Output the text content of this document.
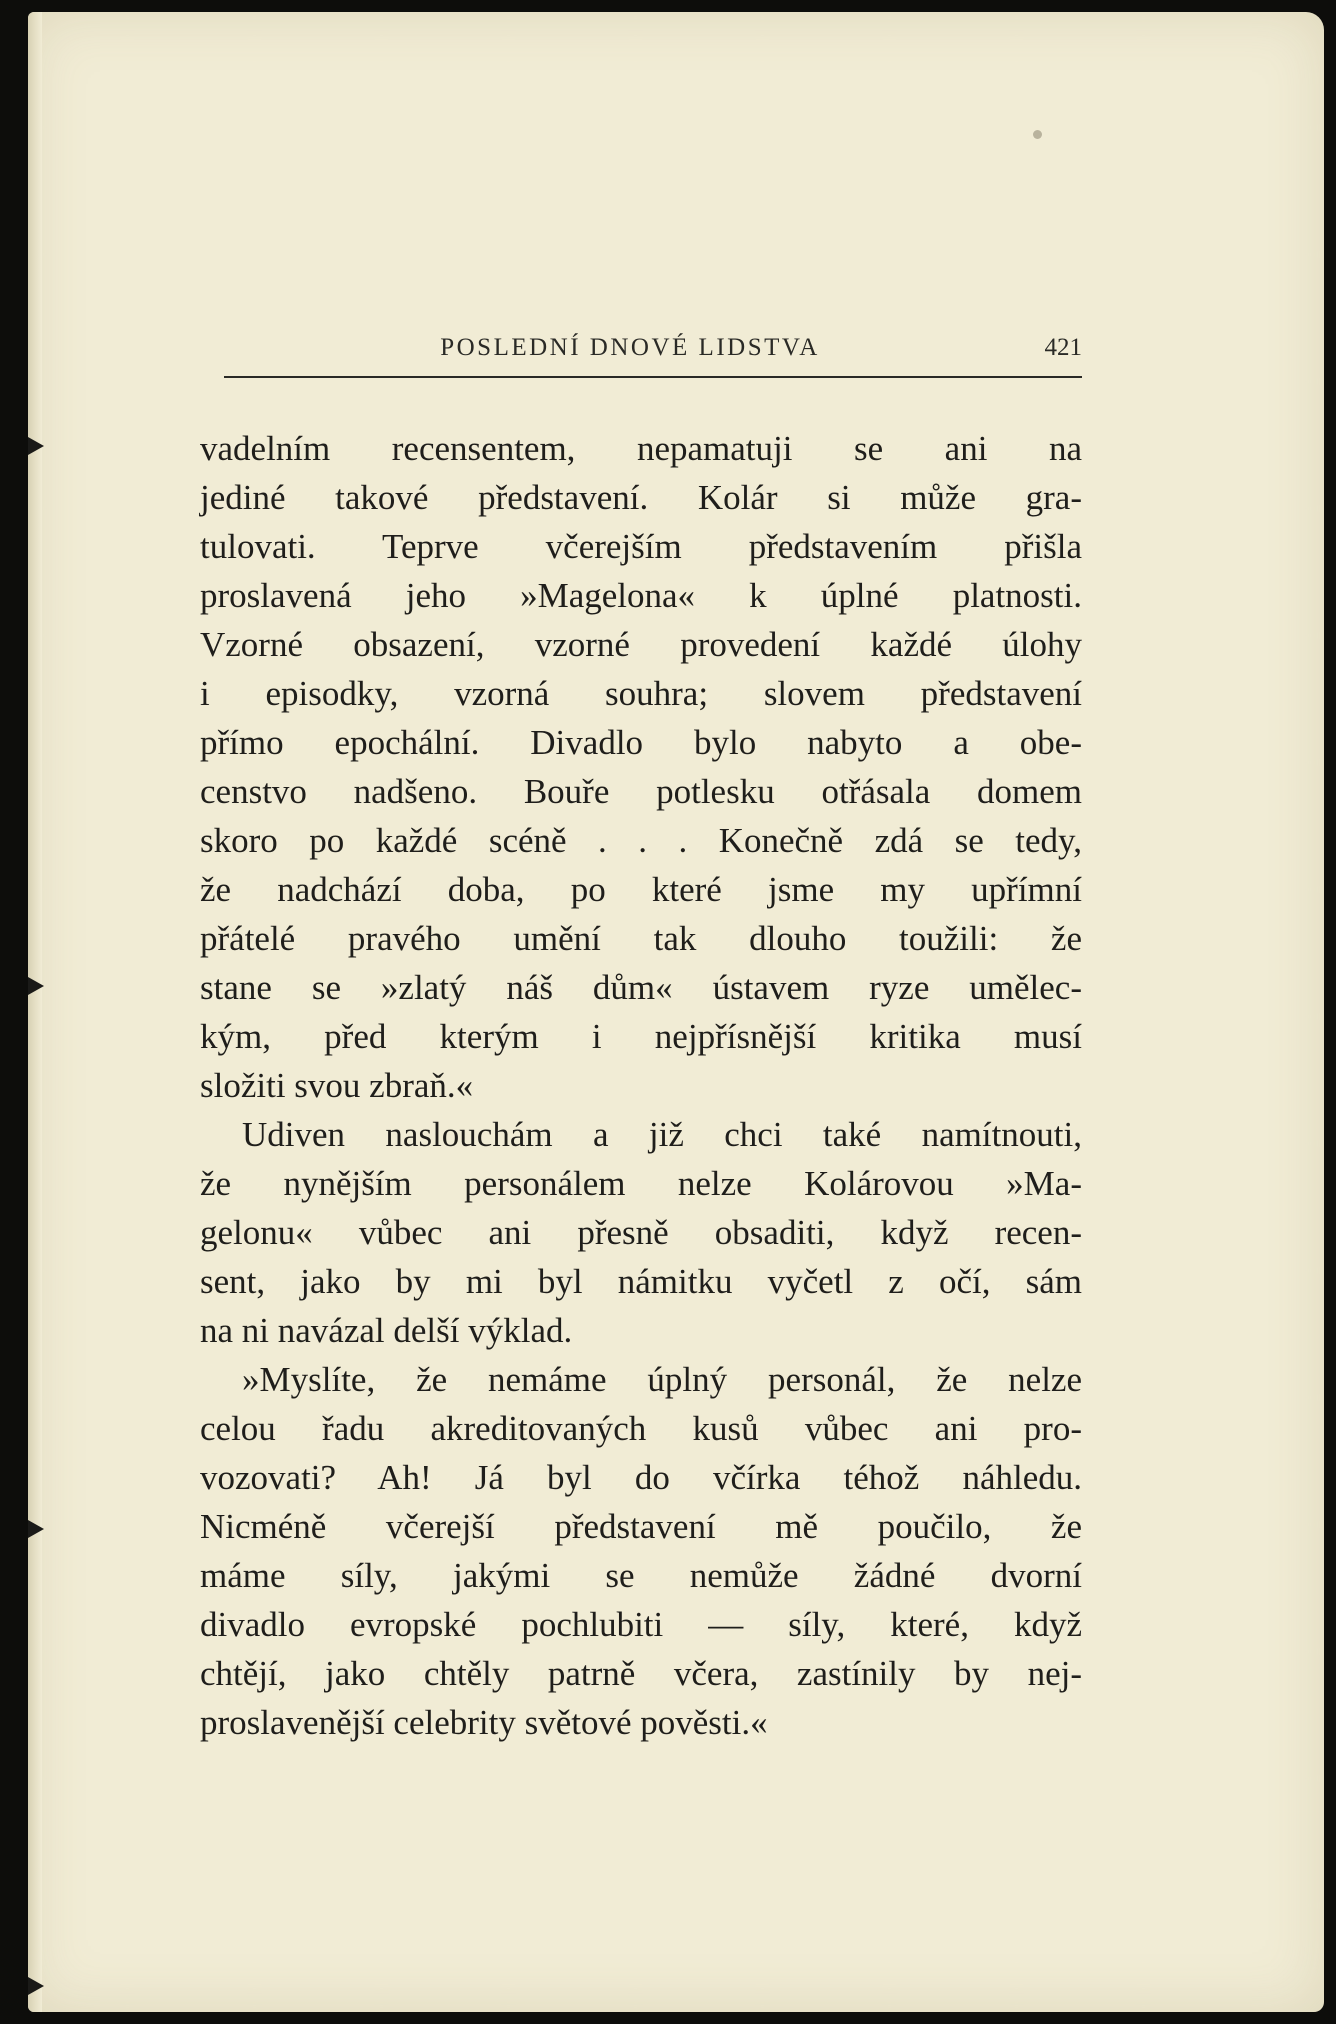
POSLEDNÍ DNOVÉ LIDSTVA	421
vadelním recensentem, nepamatuji se ani na
jediné takové představení. Kolár si může gra-
tulovati. Teprve včerejším představením přišla
proslavená jeho »Magelona« k úplné platnosti.
Vzorné obsazení, vzorné provedení každé úlohy
i episodky, vzorná souhra; slovem představení
přímo epochální. Divadlo bylo nabyto a obe-
censtvo nadšeno. Bouře potlesku otřásala domem
skoro po každé scéně . . . Konečně zdá se tedy,
že nadchází doba, po které jsme my upřímní
přátelé pravého umění tak dlouho toužili: že
stane se »zlatý náš dům« ústavem ryze umělec-
kým, před kterým i nejpřísnější kritika musí
složiti svou zbraň.«
Udiven naslouchám a již chci také namítnouti,
že nynějším personálem nelze Kolárovou »Ma-
gelonu« vůbec ani přesně obsaditi, když recen-
sent, jako by mi byl námitku vyčetl z očí, sám
na ni navázal delší výklad.
»Myslíte, že nemáme úplný personál, že nelze
celou řadu akreditovaných kusů vůbec ani pro-
vozovati? Ah! Já byl do včírka téhož náhledu.
Nicméně včerejší představení mě poučilo, že
máme síly, jakými se nemůže žádné dvorní
divadlo evropské pochlubiti — síly, které, když
chtějí, jako chtěly patrně včera, zastínily by nej-
proslavenější celebrity světové pověsti.«
